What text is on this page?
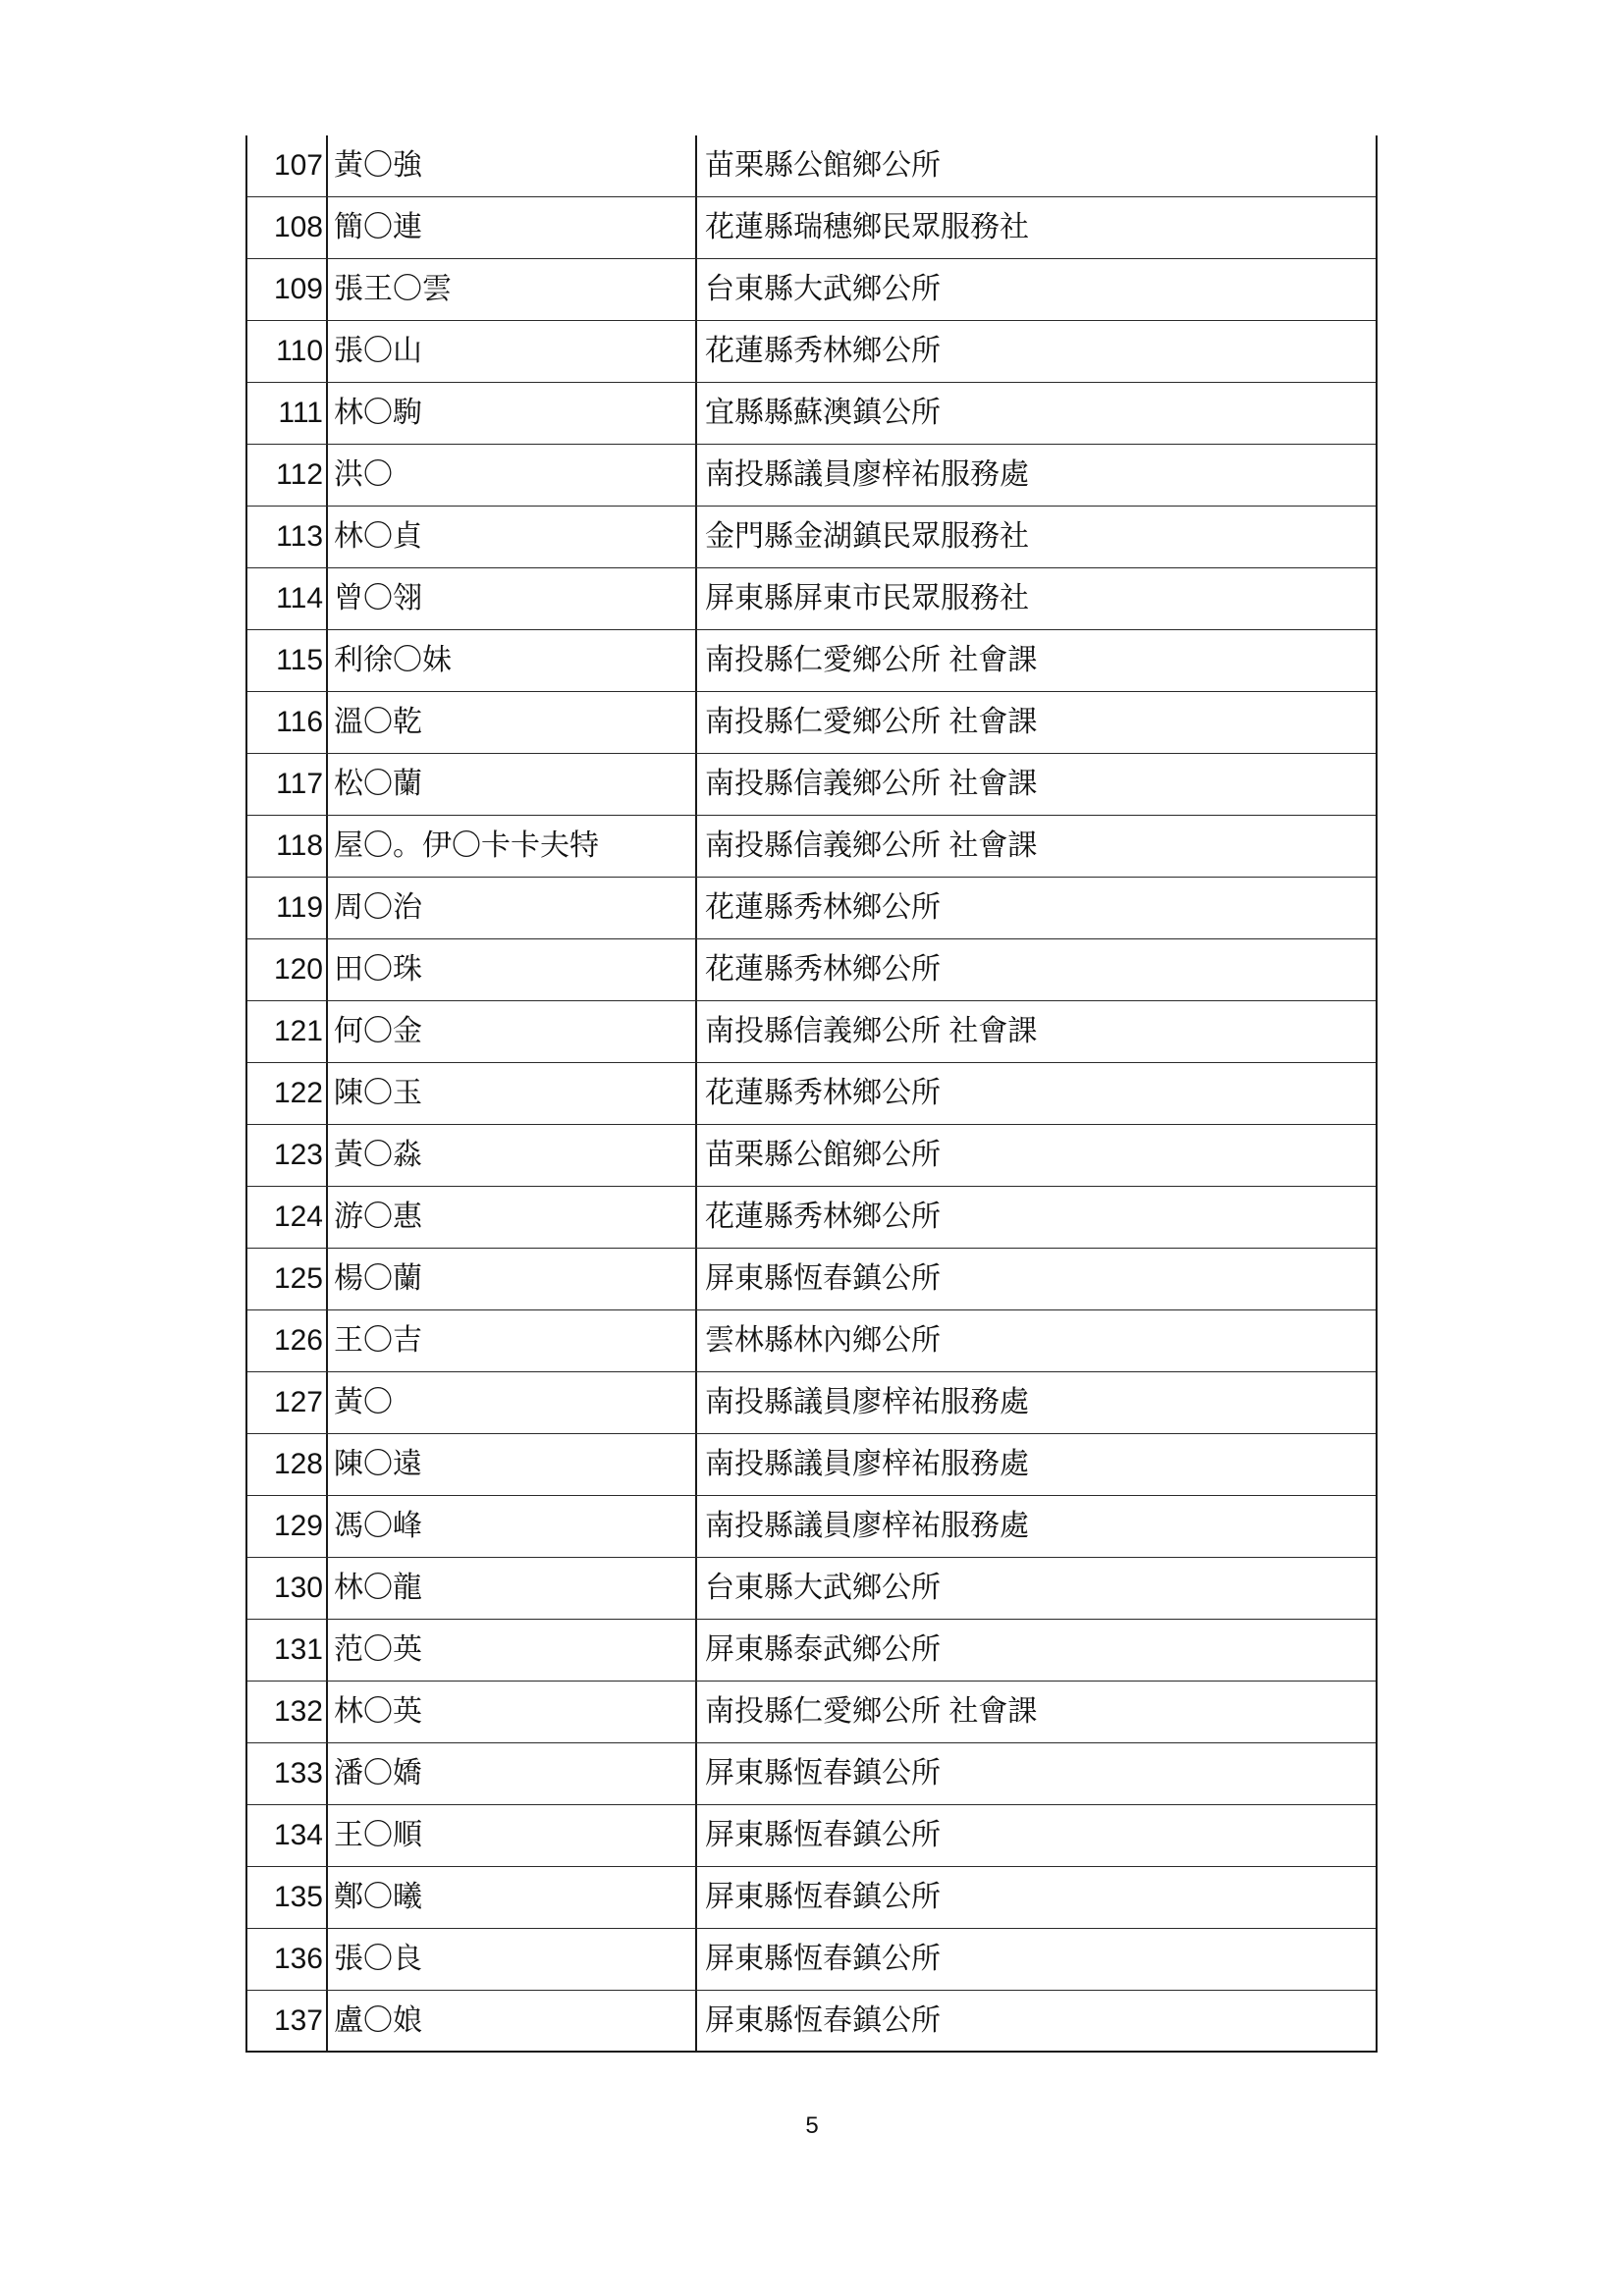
107 黃〇強	苗栗縣公館鄉公所
108 簡〇連	花蓮縣瑞穗鄉民眾服務社
109 張王〇雲	台東縣大武鄉公所
110 張〇山	花蓮縣秀林鄉公所
111 林〇駒	宜縣縣蘇澳鎮公所
112 洪〇	南投縣議員廖梓祐服務處
113 林〇貞	金門縣金湖鎮民眾服務社
114 曾〇翎	屏東縣屏東市民眾服務社
115 利徐〇妹	南投縣仁愛鄉公所 社會課
116 溫〇乾	南投縣仁愛鄉公所 社會課
117 松〇蘭	南投縣信義鄉公所 社會課
118 屋〇。伊〇卡卡夫特	南投縣信義鄉公所 社會課
119 周〇治	花蓮縣秀林鄉公所
120 田〇珠	花蓮縣秀林鄉公所
121 何〇金	南投縣信義鄉公所 社會課
122 陳〇玉	花蓮縣秀林鄉公所
123 黃〇淼	苗栗縣公館鄉公所
124 游〇惠	花蓮縣秀林鄉公所
125 楊〇蘭	屏東縣恆春鎮公所
126 王〇吉	雲林縣林內鄉公所
127 黃〇	南投縣議員廖梓祐服務處
128 陳〇遠	南投縣議員廖梓祐服務處
129 馮〇峰	南投縣議員廖梓祐服務處
130 林〇龍	台東縣大武鄉公所
131 范〇英	屏東縣泰武鄉公所
132 林〇英	南投縣仁愛鄉公所 社會課
133 潘〇嬌	屏東縣恆春鎮公所
134 王〇順	屏東縣恆春鎮公所
135 鄭〇曦	屏東縣恆春鎮公所
136 張〇良	屏東縣恆春鎮公所
137 盧〇娘	屏東縣恆春鎮公所
5
